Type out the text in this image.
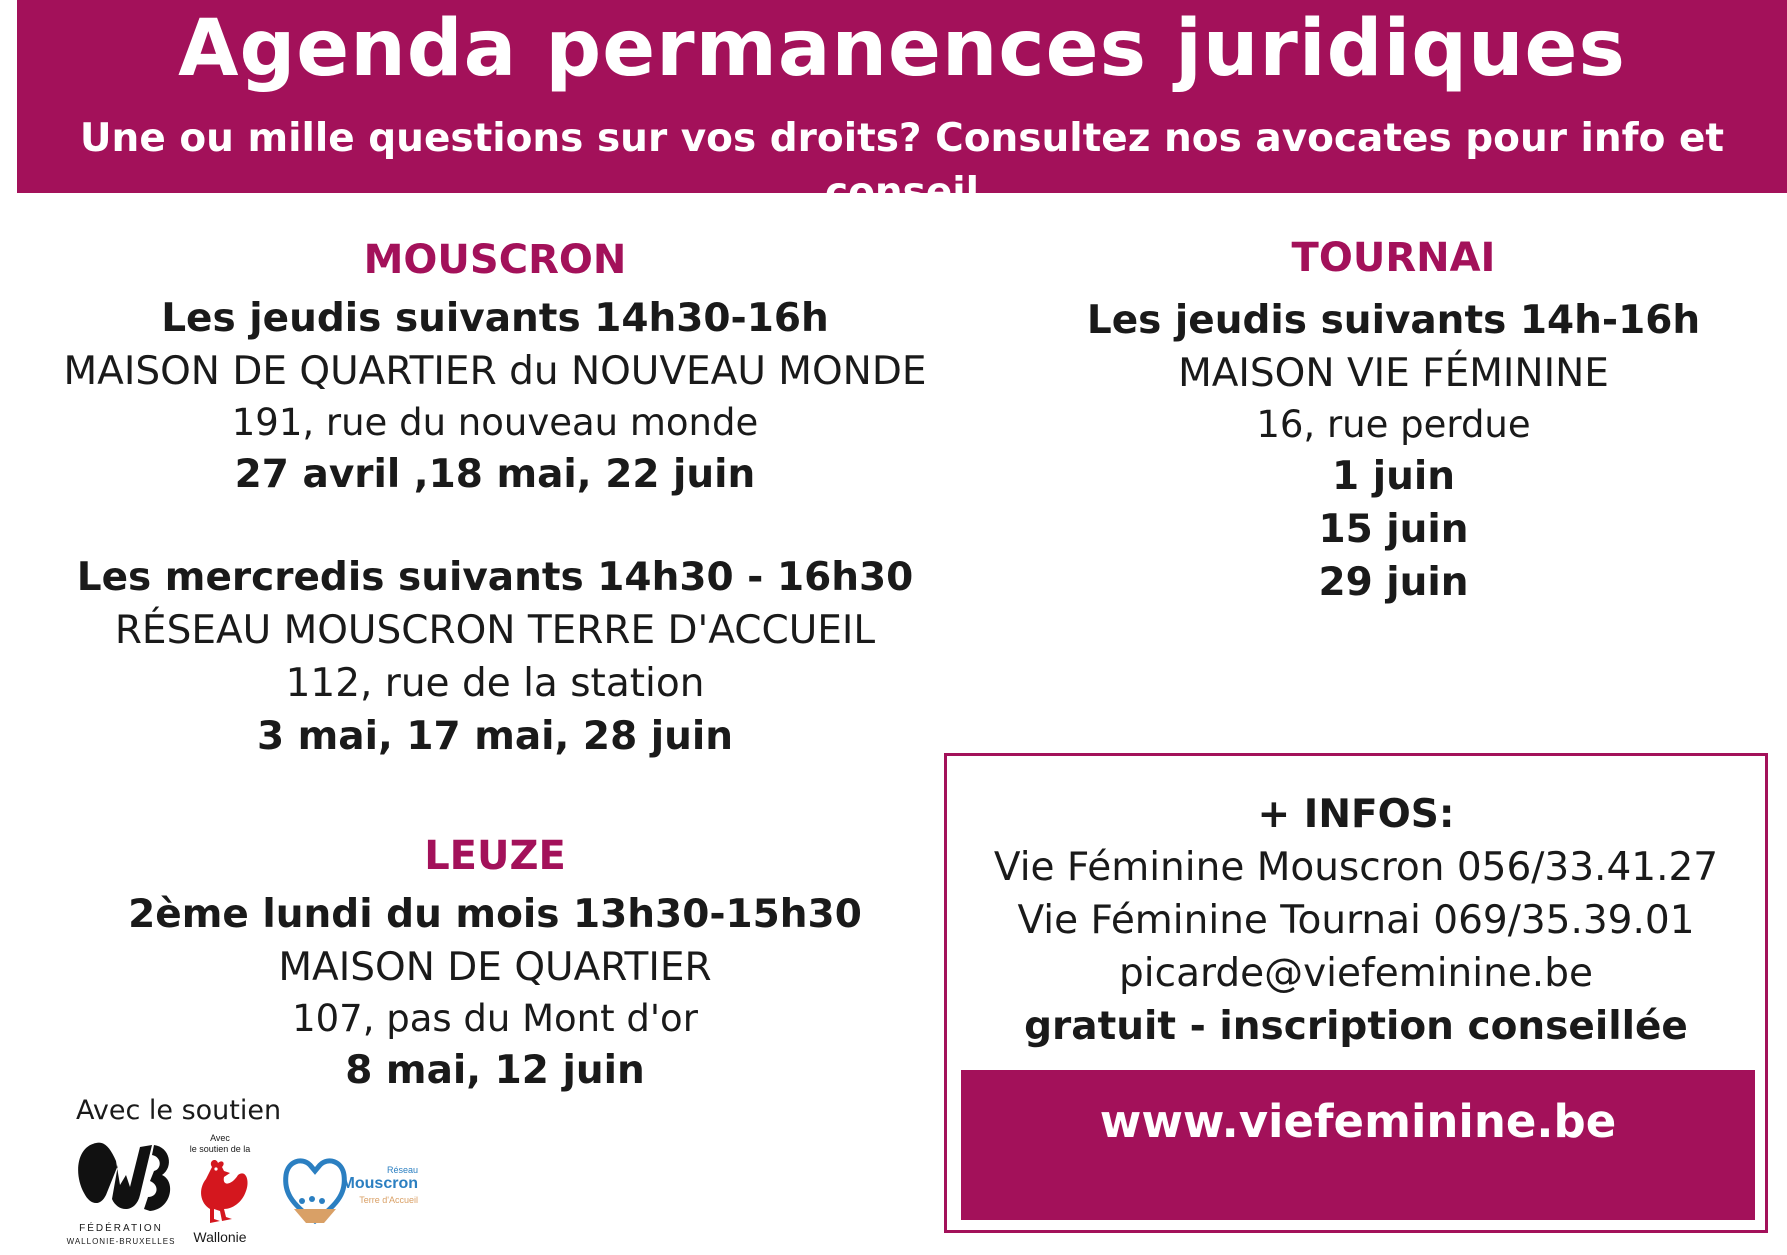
Agenda permanences juridiques
Une ou mille questions sur vos droits? Consultez nos avocates pour info et conseil
MOUSCRON
Les jeudis suivants 14h30-16h
MAISON DE QUARTIER du NOUVEAU MONDE
191, rue du nouveau monde
27 avril ,18 mai, 22 juin
Les mercredis suivants 14h30 - 16h30
RÉSEAU MOUSCRON TERRE D'ACCUEIL
112, rue de la station
3 mai, 17 mai, 28 juin
TOURNAI
Les jeudis suivants 14h-16h
MAISON VIE FÉMININE
16, rue perdue
1 juin
15 juin
29 juin
LEUZE
2ème lundi du mois 13h30-15h30
MAISON DE QUARTIER
107, pas du Mont d'or
8 mai, 12 juin
+ INFOS:
Vie Féminine Mouscron 056/33.41.27
Vie Féminine Tournai 069/35.39.01
picarde@viefeminine.be
gratuit - inscription conseillée
www.viefeminine.be
Avec le soutien
FÉDÉRATION
WALLONIE-BRUXELLES
Avec
le soutien de la
Wallonie
Réseau
Mouscron
Terre d'Accueil
